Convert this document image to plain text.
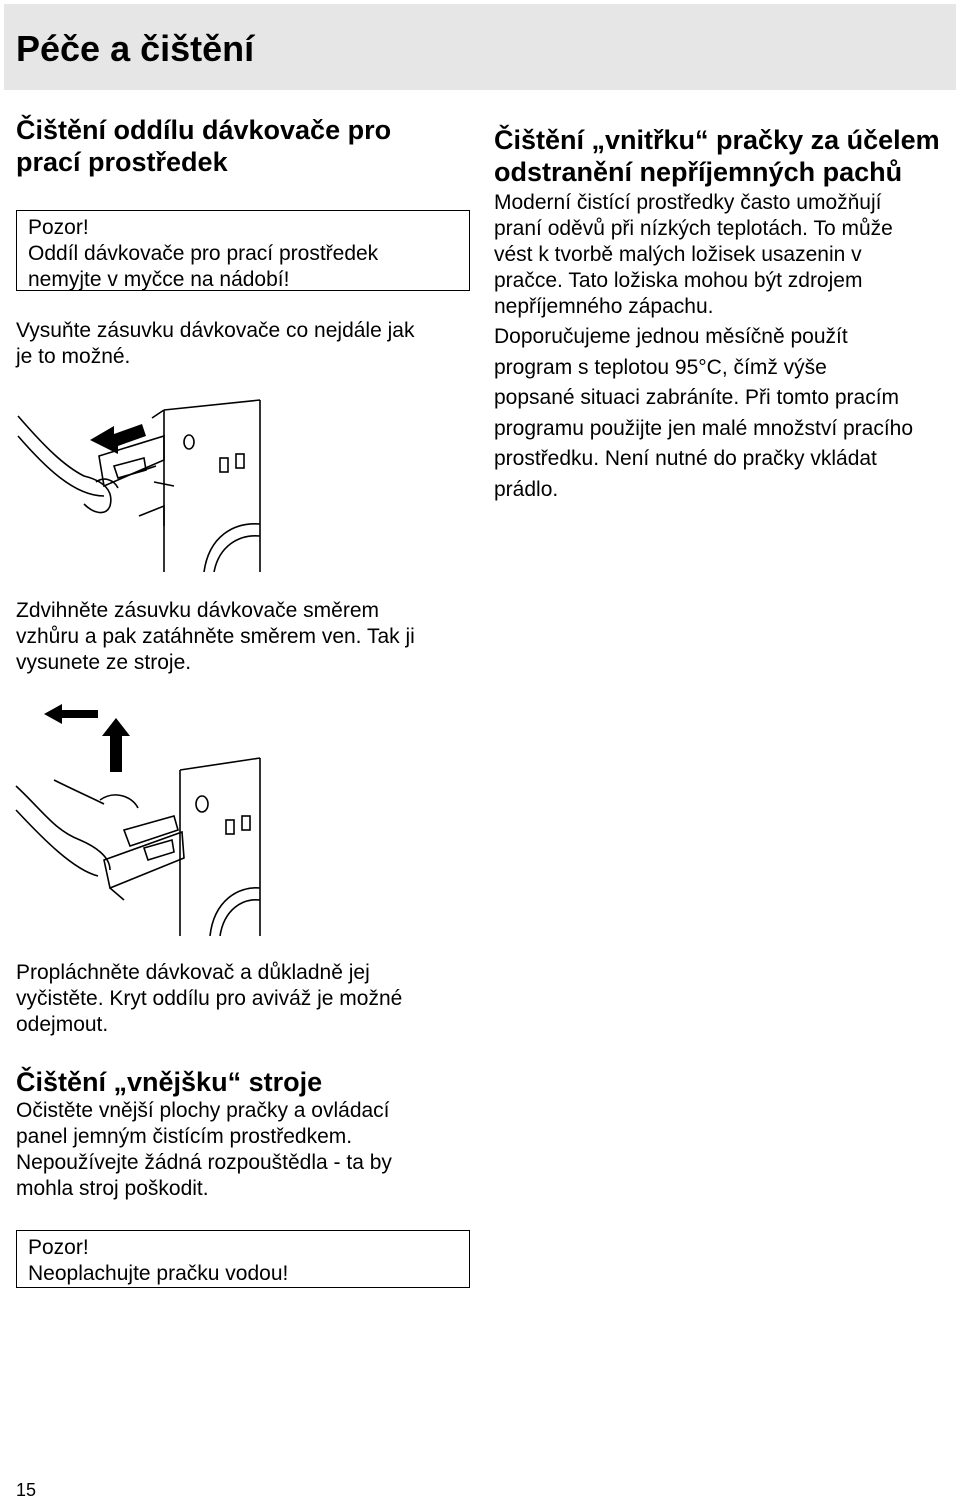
Péče a čištění
Čištění oddílu dávkovače pro
prací prostředek

Pozor!

Oddíl dávkovače pro prací prostředek
nemyjte v myčce na nádobí!

Vysuňte zásuvku dávkovače co nejdále jak
je to možné.

Zdvihněte zásuvku dávkovače směrem
vzhůru a pak zatáhněte směrem ven. Tak ji
vysunete ze stroje.

Propláchněte dávkovač a důkladně jej
vyčistěte. Kryt oddílu pro aviváž je možné
odejmout.

Čištění „vnějšku“ stroje

Očistěte vnější plochy pračky a ovládací
panel jemným čistícím prostředkem.
Nepoužívejte žádná rozpouštědla - ta by
mohla stroj poškodit.

Pozor!

Neoplachujte pračku vodou!

Čištění „vnitřku“ pračky za účelem
odstranění nepříjemných pachů

Moderní čistící prostředky často umožňují
praní oděvů při nízkých teplotách. To může
vést k tvorbě malých ložisek usazenin v
pračce. Tato ložiska mohou být zdrojem
nepříjemného zápachu.

Doporučujeme jednou měsíčně použít
program s teplotou 95°C, čímž výše
popsané situaci zabráníte. Při tomto pracím
programu použijte jen malé množství pracího
prostředku. Není nutné do pračky vkládat
prádlo.

15
